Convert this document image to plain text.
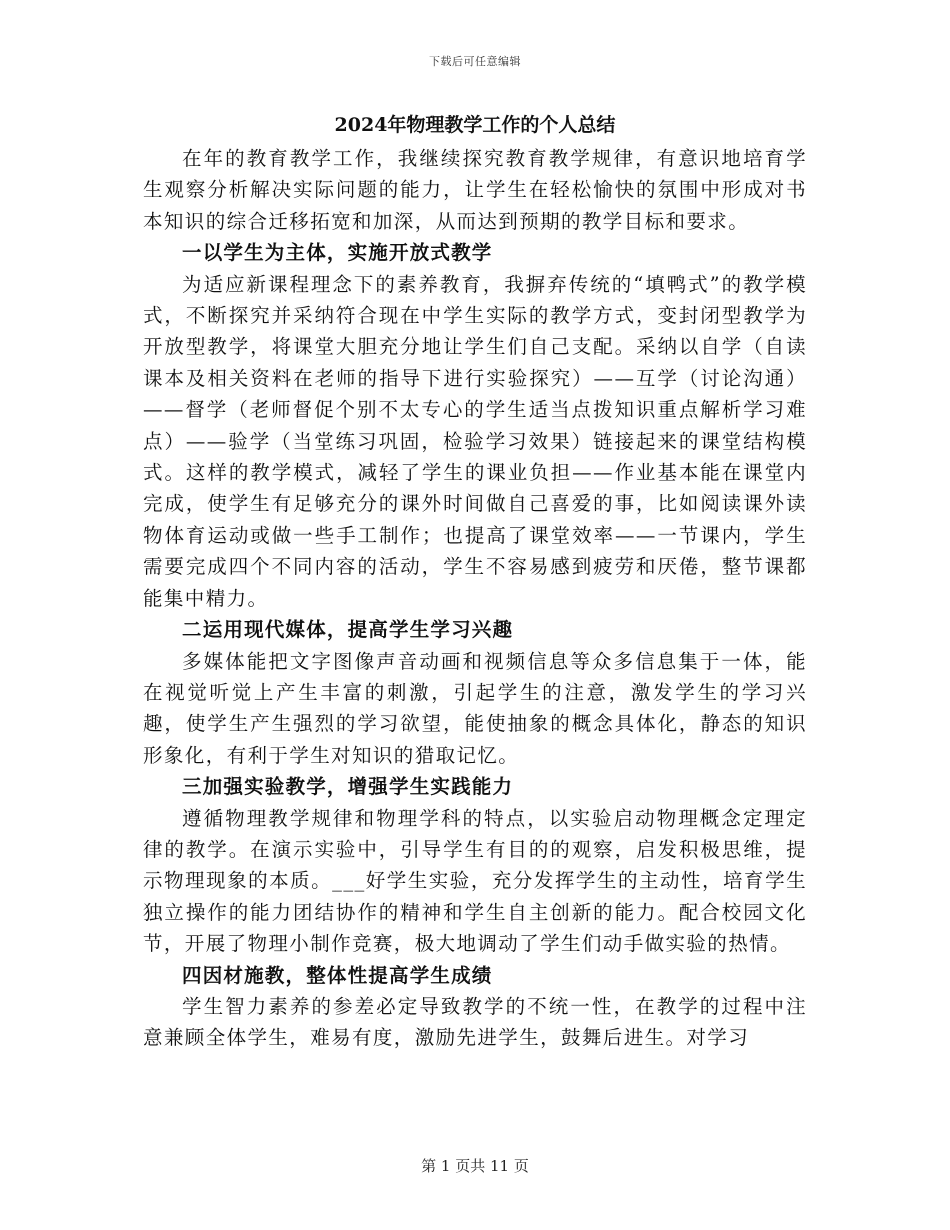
下载后可任意编辑
2024年物理教学工作的个人总结

在年的教育教学工作，我继续探究教育教学规律，有意识地培育学生观察分析解决实际问题的能力，让学生在轻松愉快的氛围中形成对书本知识的综合迁移拓宽和加深，从而达到预期的教学目标和要求。

一以学生为主体，实施开放式教学

为适应新课程理念下的素养教育，我摒弃传统的“填鸭式”的教学模式，不断探究并采纳符合现在中学生实际的教学方式，变封闭型教学为开放型教学，将课堂大胆充分地让学生们自己支配。采纳以自学（自读课本及相关资料在老师的指导下进行实验探究）——互学（讨论沟通）——督学（老师督促个别不太专心的学生适当点拨知识重点解析学习难点）——验学（当堂练习巩固，检验学习效果）链接起来的课堂结构模式。这样的教学模式，减轻了学生的课业负担——作业基本能在课堂内完成，使学生有足够充分的课外时间做自己喜爱的事，比如阅读课外读物体育运动或做一些手工制作；也提高了课堂效率——一节课内，学生需要完成四个不同内容的活动，学生不容易感到疲劳和厌倦，整节课都能集中精力。

二运用现代媒体，提高学生学习兴趣

多媒体能把文字图像声音动画和视频信息等众多信息集于一体，能在视觉听觉上产生丰富的刺激，引起学生的注意，激发学生的学习兴趣，使学生产生强烈的学习欲望，能使抽象的概念具体化，静态的知识形象化，有利于学生对知识的猎取记忆。

三加强实验教学，增强学生实践能力

遵循物理教学规律和物理学科的特点，以实验启动物理概念定理定律的教学。在演示实验中，引导学生有目的的观察，启发积极思维，提示物理现象的本质。___好学生实验，充分发挥学生的主动性，培育学生独立操作的能力团结协作的精神和学生自主创新的能力。配合校园文化节，开展了物理小制作竞赛，极大地调动了学生们动手做实验的热情。

四因材施教，整体性提高学生成绩

学生智力素养的参差必定导致教学的不统一性，在教学的过程中注意兼顾全体学生，难易有度，激励先进学生，鼓舞后进生。对学习

第 1 页共 11 页
